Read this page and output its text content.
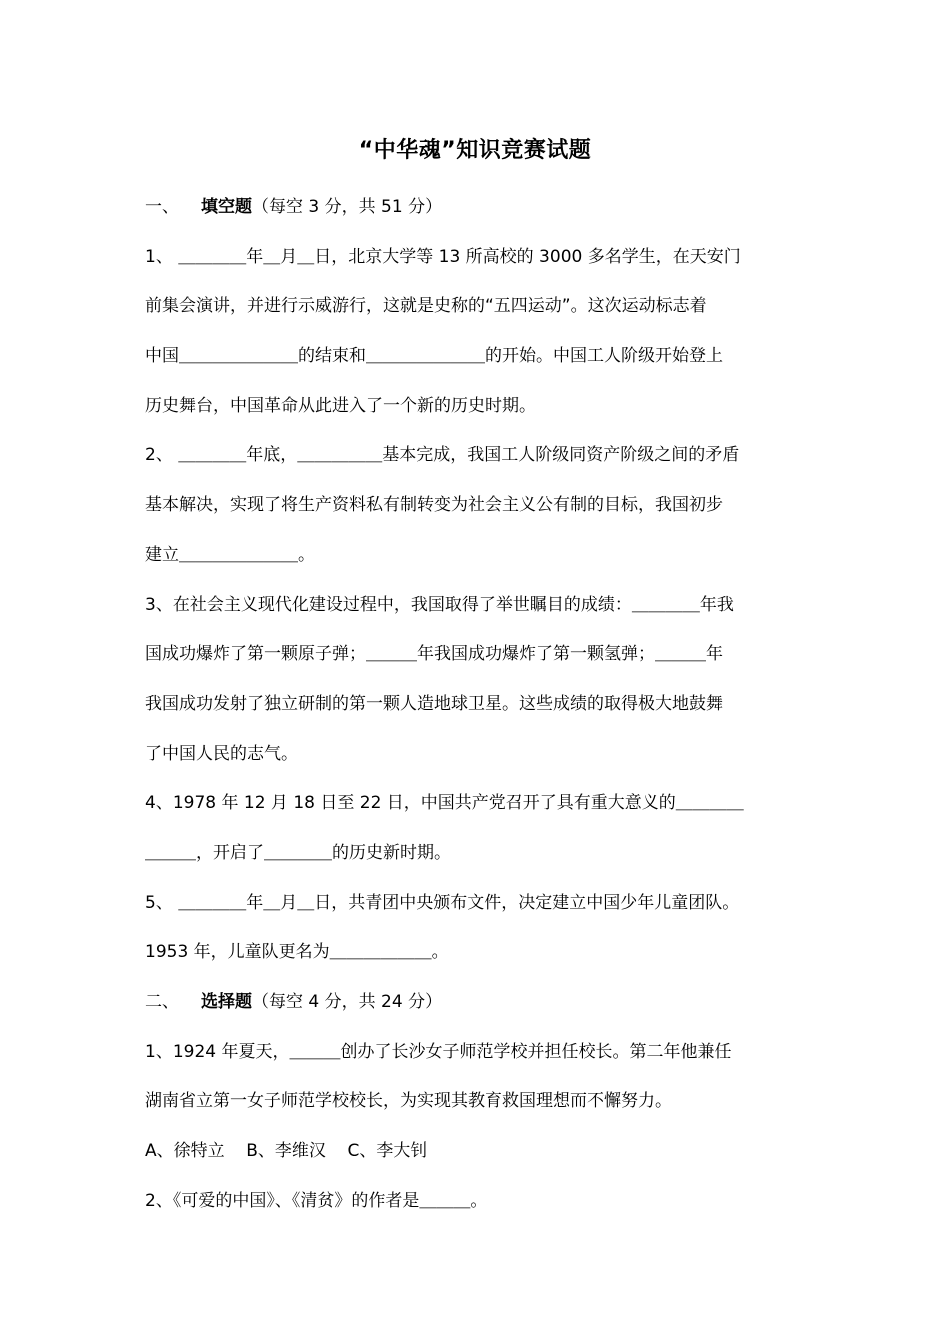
“中华魂”知识竞赛试题
一、 填空题（每空 3 分，共 51 分）
1、 ＿＿＿＿年＿月＿日，北京大学等 13 所高校的 3000 多名学生，在天安门
前集会演讲，并进行示威游行，这就是史称的“五四运动”。这次运动标志着
中国＿＿＿＿＿＿＿的结束和＿＿＿＿＿＿＿的开始。中国工人阶级开始登上
历史舞台，中国革命从此进入了一个新的历史时期。
2、 ＿＿＿＿年底，＿＿＿＿＿基本完成，我国工人阶级同资产阶级之间的矛盾
基本解决，实现了将生产资料私有制转变为社会主义公有制的目标，我国初步
建立＿＿＿＿＿＿＿。
3、在社会主义现代化建设过程中，我国取得了举世瞩目的成绩：＿＿＿＿年我
国成功爆炸了第一颗原子弹；＿＿＿年我国成功爆炸了第一颗氢弹；＿＿＿年
我国成功发射了独立研制的第一颗人造地球卫星。这些成绩的取得极大地鼓舞
了中国人民的志气。
4、1978 年 12 月 18 日至 22 日，中国共产党召开了具有重大意义的＿＿＿＿
＿＿＿，开启了＿＿＿＿的历史新时期。
5、 ＿＿＿＿年＿月＿日，共青团中央颁布文件，决定建立中国少年儿童团队。
1953 年，儿童队更名为＿＿＿＿＿＿。
二、 选择题（每空 4 分，共 24 分）
1、1924 年夏天，＿＿＿创办了长沙女子师范学校并担任校长。第二年他兼任
湖南省立第一女子师范学校校长，为实现其教育救国理想而不懈努力。
A、徐特立    B、李维汉    C、李大钊
2、《可爱的中国》、《清贫》的作者是＿＿＿。
